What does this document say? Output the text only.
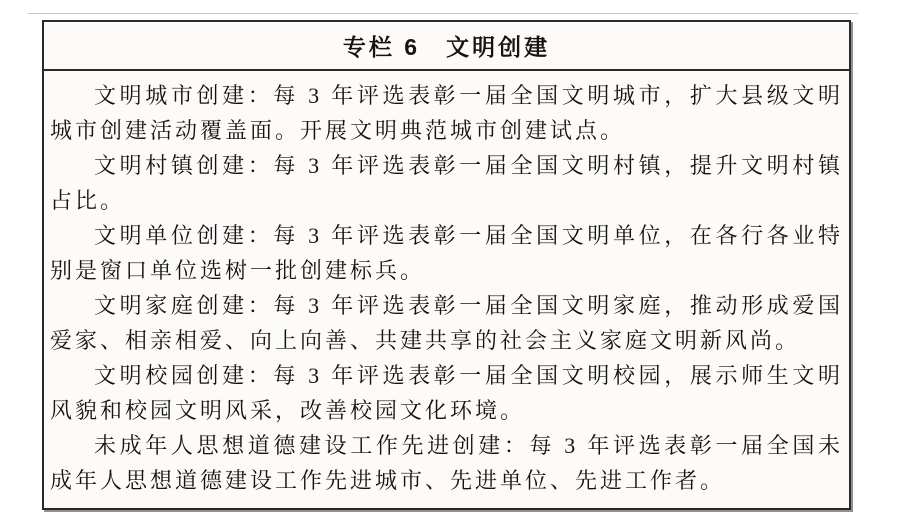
专栏 6　文明创建

文明城市创建：每 3 年评选表彰一届全国文明城市，扩大县级文明城市创建活动覆盖面。开展文明典范城市创建试点。

文明村镇创建：每 3 年评选表彰一届全国文明村镇，提升文明村镇占比。

文明单位创建：每 3 年评选表彰一届全国文明单位，在各行各业特别是窗口单位选树一批创建标兵。

文明家庭创建：每 3 年评选表彰一届全国文明家庭，推动形成爱国爱家、相亲相爱、向上向善、共建共享的社会主义家庭文明新风尚。

文明校园创建：每 3 年评选表彰一届全国文明校园，展示师生文明风貌和校园文明风采，改善校园文化环境。

未成年人思想道德建设工作先进创建：每 3 年评选表彰一届全国未成年人思想道德建设工作先进城市、先进单位、先进工作者。
